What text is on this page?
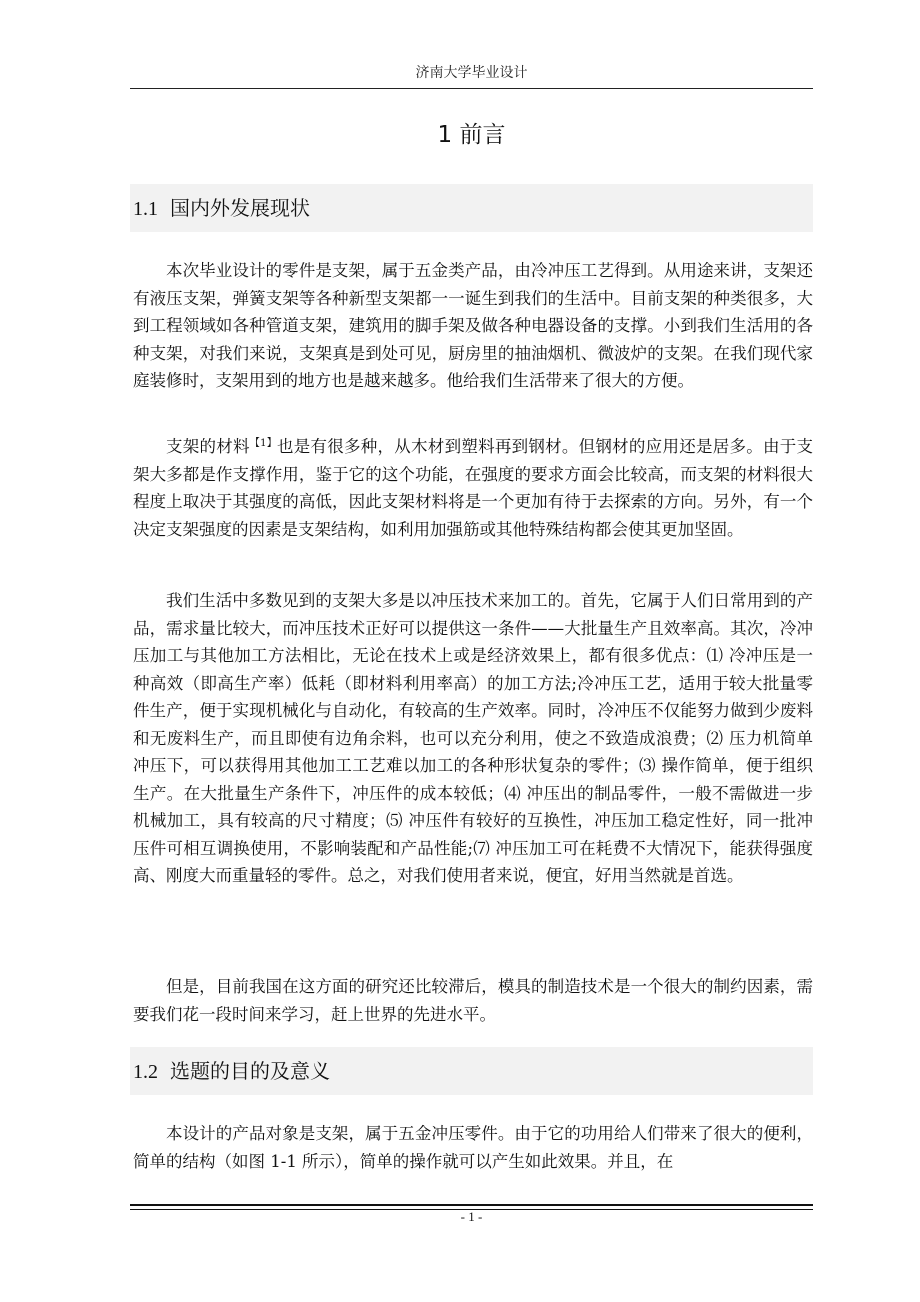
济南大学毕业设计
1 前言
1.1 国内外发展现状

本次毕业设计的零件是支架，属于五金类产品，由冷冲压工艺得到。从用途来讲，支架还有液压支架，弹簧支架等各种新型支架都一一诞生到我们的生活中。目前支架的种类很多，大到工程领域如各种管道支架，建筑用的脚手架及做各种电器设备的支撑。小到我们生活用的各种支架，对我们来说，支架真是到处可见，厨房里的抽油烟机、微波炉的支架。在我们现代家庭装修时，支架用到的地方也是越来越多。他给我们生活带来了很大的方便。

支架的材料$^{【1】}$也是有很多种，从木材到塑料再到钢材。但钢材的应用还是居多。由于支架大多都是作支撑作用，鉴于它的这个功能，在强度的要求方面会比较高，而支架的材料很大程度上取决于其强度的高低，因此支架材料将是一个更加有待于去探索的方向。另外，有一个决定支架强度的因素是支架结构，如利用加强筋或其他特殊结构都会使其更加坚固。

我们生活中多数见到的支架大多是以冲压技术来加工的。首先，它属于人们日常用到的产品，需求量比较大，而冲压技术正好可以提供这一条件——大批量生产且效率高。其次，冷冲压加工与其他加工方法相比，无论在技术上或是经济效果上，都有很多优点：⑴ 冷冲压是一种高效（即高生产率）低耗（即材料利用率高）的加工方法;冷冲压工艺，适用于较大批量零件生产，便于实现机械化与自动化，有较高的生产效率。同时，冷冲压不仅能努力做到少废料和无废料生产，而且即使有边角余料，也可以充分利用，使之不致造成浪费；⑵ 压力机简单冲压下，可以获得用其他加工工艺难以加工的各种形状复杂的零件；⑶ 操作简单，便于组织生产。在大批量生产条件下，冲压件的成本较低；⑷ 冲压出的制品零件，一般不需做进一步机械加工，具有较高的尺寸精度；⑸ 冲压件有较好的互换性，冲压加工稳定性好，同一批冲压件可相互调换使用，不影响装配和产品性能;⑺ 冲压加工可在耗费不大情况下，能获得强度高、刚度大而重量轻的零件。总之，对我们使用者来说，便宜，好用当然就是首选。

但是，目前我国在这方面的研究还比较滞后，模具的制造技术是一个很大的制约因素，需要我们花一段时间来学习，赶上世界的先进水平。

1.2 选题的目的及意义

本设计的产品对象是支架，属于五金冲压零件。由于它的功用给人们带来了很大的便利，简单的结构（如图 1-1 所示），简单的操作就可以产生如此效果。并且，在

- 1 -
